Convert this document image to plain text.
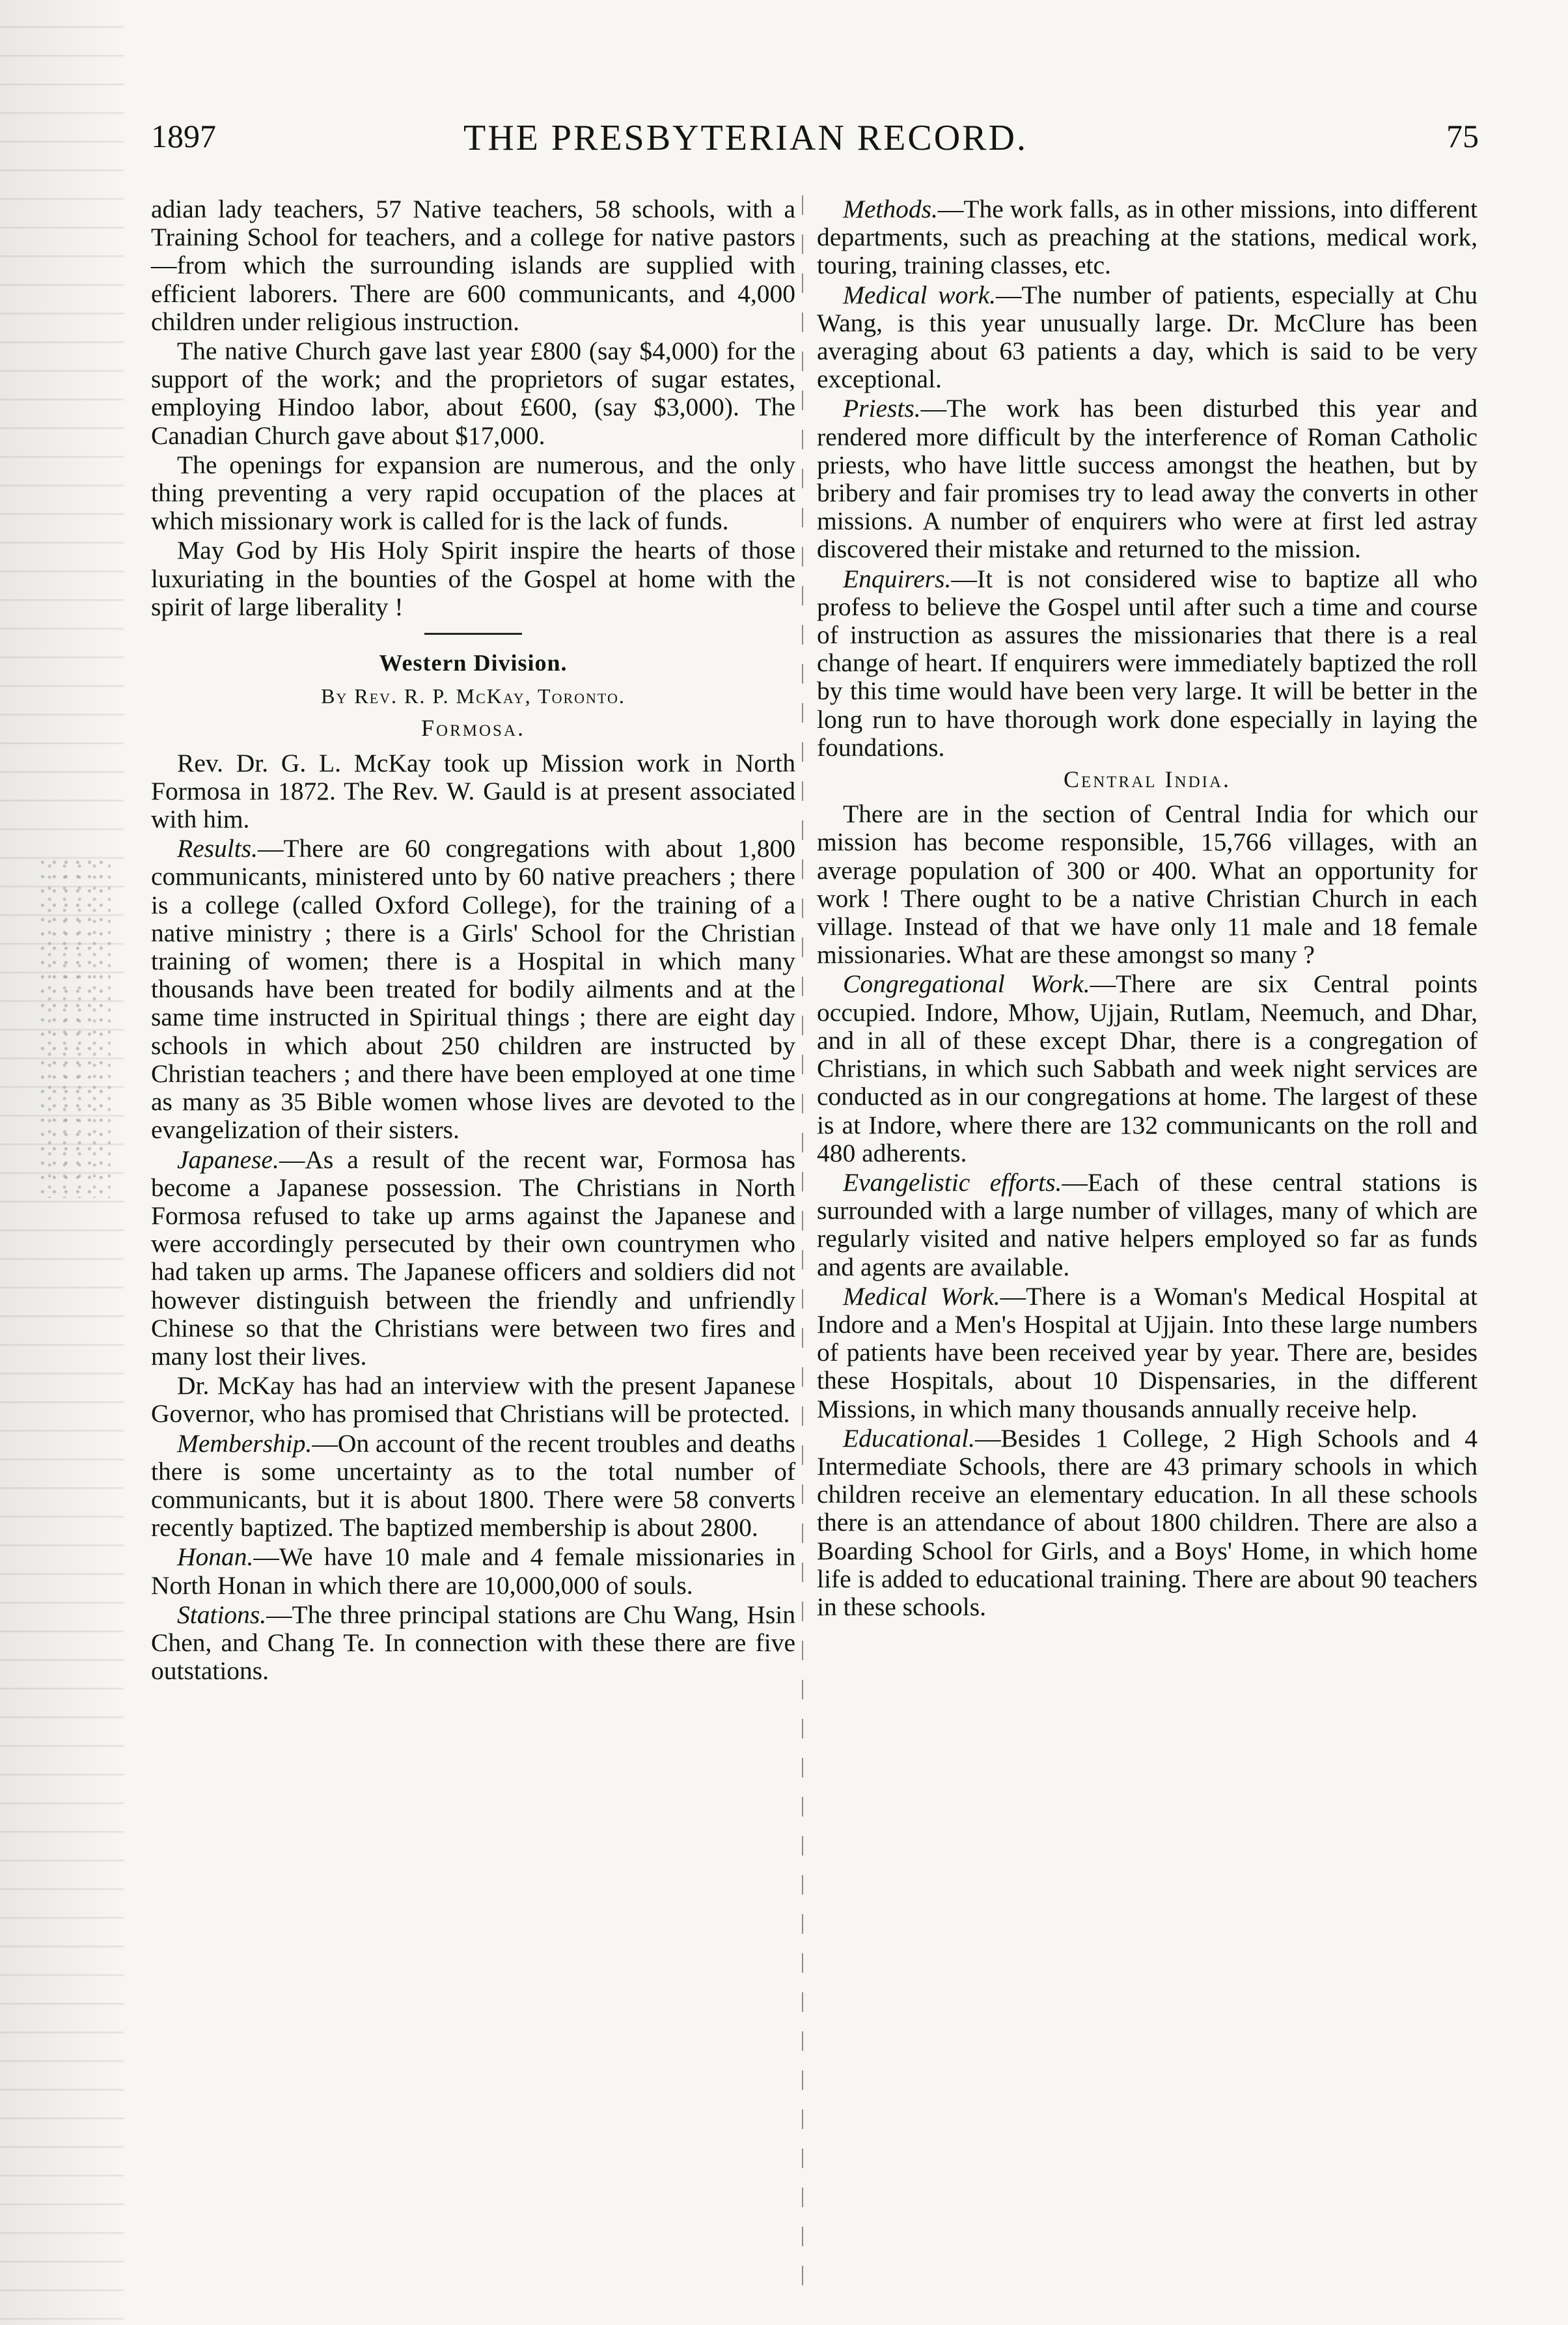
1897	THE PRESBYTERIAN RECORD.	75

adian lady teachers, 57 Native teachers, 58 schools, with a Training School for teachers, and a college for native pastors—from which the surrounding islands are supplied with efficient laborers. There are 600 communicants, and 4,000 children under religious instruction.

The native Church gave last year £800 (say $4,000) for the support of the work; and the proprietors of sugar estates, employing Hindoo labor, about £600, (say $3,000). The Canadian Church gave about $17,000.

The openings for expansion are numerous, and the only thing preventing a very rapid occupation of the places at which missionary work is called for is the lack of funds.

May God by His Holy Spirit inspire the hearts of those luxuriating in the bounties of the Gospel at home with the spirit of large liberality !

Western Division.
By Rev. R. P. McKay, Toronto.
Formosa.

Rev. Dr. G. L. McKay took up Mission work in North Formosa in 1872. The Rev. W. Gauld is at present associated with him.

Results.—There are 60 congregations with about 1,800 communicants, ministered unto by 60 native preachers ; there is a college (called Oxford College), for the training of a native ministry ; there is a Girls' School for the Christian training of women; there is a Hospital in which many thousands have been treated for bodily ailments and at the same time instructed in Spiritual things ; there are eight day schools in which about 250 children are instructed by Christian teachers ; and there have been employed at one time as many as 35 Bible women whose lives are devoted to the evangelization of their sisters.

Japanese.—As a result of the recent war, Formosa has become a Japanese possession. The Christians in North Formosa refused to take up arms against the Japanese and were accordingly persecuted by their own countrymen who had taken up arms. The Japanese officers and soldiers did not however distinguish between the friendly and unfriendly Chinese so that the Christians were between two fires and many lost their lives.

Dr. McKay has had an interview with the present Japanese Governor, who has promised that Christians will be protected.

Membership.—On account of the recent troubles and deaths there is some uncertainty as to the total number of communicants, but it is about 1800. There were 58 converts recently baptized. The baptized membership is about 2800.

Honan.—We have 10 male and 4 female missionaries in North Honan in which there are 10,000,000 of souls.

Stations.—The three principal stations are Chu Wang, Hsin Chen, and Chang Te. In connection with these there are five outstations.

Methods.—The work falls, as in other missions, into different departments, such as preaching at the stations, medical work, touring, training classes, etc.

Medical work.—The number of patients, especially at Chu Wang, is this year unusually large. Dr. McClure has been averaging about 63 patients a day, which is said to be very exceptional.

Priests.—The work has been disturbed this year and rendered more difficult by the interference of Roman Catholic priests, who have little success amongst the heathen, but by bribery and fair promises try to lead away the converts in other missions. A number of enquirers who were at first led astray discovered their mistake and returned to the mission.

Enquirers.—It is not considered wise to baptize all who profess to believe the Gospel until after such a time and course of instruction as assures the missionaries that there is a real change of heart. If enquirers were immediately baptized the roll by this time would have been very large. It will be better in the long run to have thorough work done especially in laying the foundations.

Central India.

There are in the section of Central India for which our mission has become responsible, 15,766 villages, with an average population of 300 or 400. What an opportunity for work ! There ought to be a native Christian Church in each village. Instead of that we have only 11 male and 18 female missionaries. What are these amongst so many ?

Congregational Work.—There are six Central points occupied. Indore, Mhow, Ujjain, Rutlam, Neemuch, and Dhar, and in all of these except Dhar, there is a congregation of Christians, in which such Sabbath and week night services are conducted as in our congregations at home. The largest of these is at Indore, where there are 132 communicants on the roll and 480 adherents.

Evangelistic efforts.—Each of these central stations is surrounded with a large number of villages, many of which are regularly visited and native helpers employed so far as funds and agents are available.

Medical Work.—There is a Woman's Medical Hospital at Indore and a Men's Hospital at Ujjain. Into these large numbers of patients have been received year by year. There are, besides these Hospitals, about 10 Dispensaries, in the different Missions, in which many thousands annually receive help.

Educational.—Besides 1 College, 2 High Schools and 4 Intermediate Schools, there are 43 primary schools in which children receive an elementary education. In all these schools there is an attendance of about 1800 children. There are also a Boarding School for Girls, and a Boys' Home, in which home life is added to educational training. There are about 90 teachers in these schools.
